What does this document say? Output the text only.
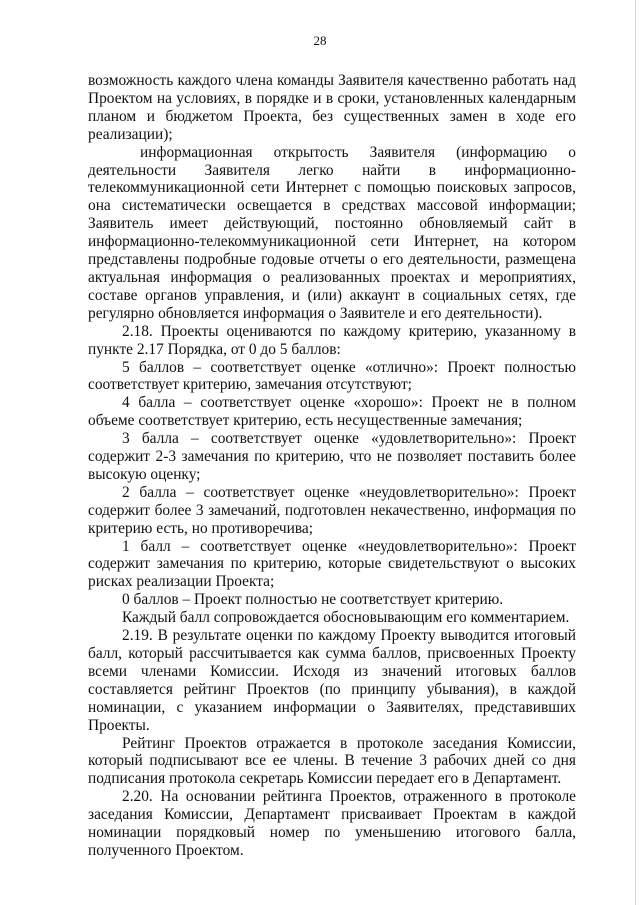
28

возможность каждого члена команды Заявителя качественно работать над Проектом на условиях, в порядке и в сроки, установленных календарным планом и бюджетом Проекта, без существенных замен в ходе его реализации);

информационная открытость Заявителя (информацию о деятельности Заявителя легко найти в информационно-телекоммуникационной сети Интернет с помощью поисковых запросов, она систематически освещается в средствах массовой информации; Заявитель имеет действующий, постоянно обновляемый сайт в информационно-телекоммуникационной сети Интернет, на котором представлены подробные годовые отчеты о его деятельности, размещена актуальная информация о реализованных проектах и мероприятиях, составе органов управления, и (или) аккаунт в социальных сетях, где регулярно обновляется информация о Заявителе и его деятельности).

2.18. Проекты оцениваются по каждому критерию, указанному в пункте 2.17 Порядка, от 0 до 5 баллов:

5 баллов – соответствует оценке «отлично»: Проект полностью соответствует критерию, замечания отсутствуют;

4 балла – соответствует оценке «хорошо»: Проект не в полном объеме соответствует критерию, есть несущественные замечания;

3 балла – соответствует оценке «удовлетворительно»: Проект содержит 2-3 замечания по критерию, что не позволяет поставить более высокую оценку;

2 балла – соответствует оценке «неудовлетворительно»: Проект содержит более 3 замечаний, подготовлен некачественно, информация по критерию есть, но противоречива;

1 балл – соответствует оценке «неудовлетворительно»: Проект содержит замечания по критерию, которые свидетельствуют о высоких рисках реализации Проекта;

0 баллов – Проект полностью не соответствует критерию.

Каждый балл сопровождается обосновывающим его комментарием.

2.19. В результате оценки по каждому Проекту выводится итоговый балл, который рассчитывается как сумма баллов, присвоенных Проекту всеми членами Комиссии. Исходя из значений итоговых баллов составляется рейтинг Проектов (по принципу убывания), в каждой номинации, с указанием информации о Заявителях, представивших Проекты.

Рейтинг Проектов отражается в протоколе заседания Комиссии, который подписывают все ее члены. В течение 3 рабочих дней со дня подписания протокола секретарь Комиссии передает его в Департамент.

2.20. На основании рейтинга Проектов, отраженного в протоколе заседания Комиссии, Департамент присваивает Проектам в каждой номинации порядковый номер по уменьшению итогового балла, полученного Проектом.
